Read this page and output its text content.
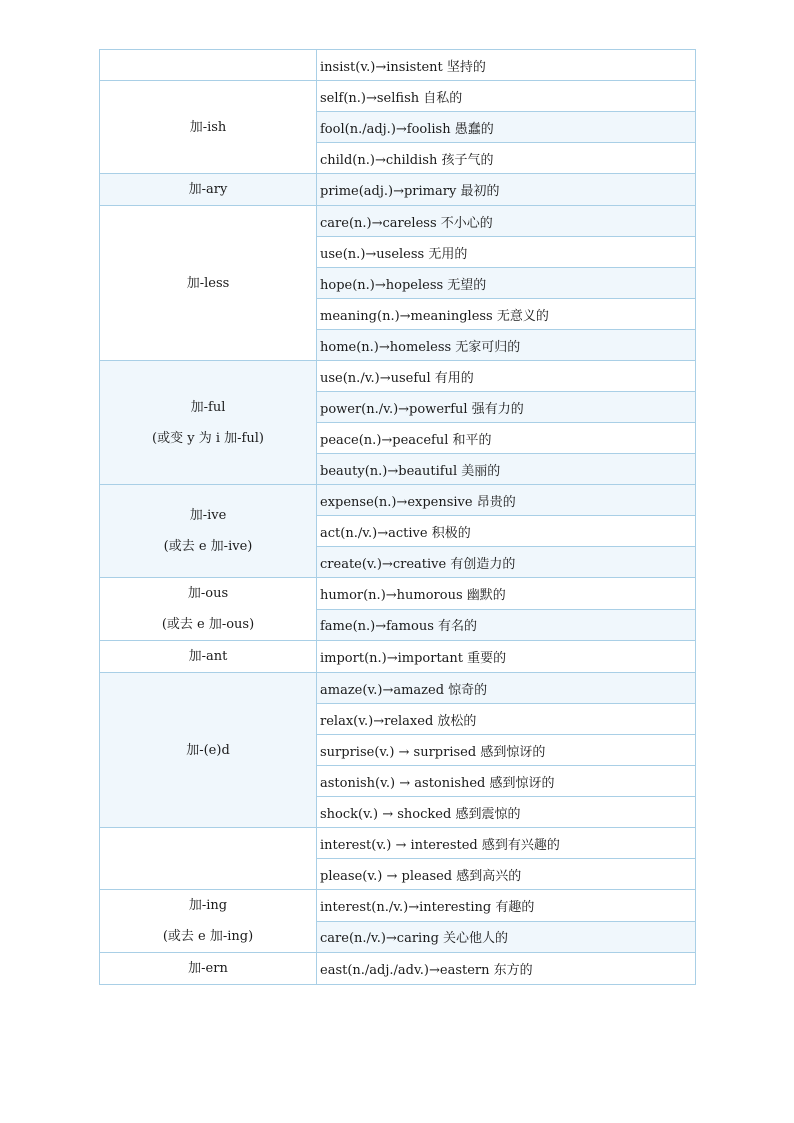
	insist(v.)→insistent 坚持的

加-ish	self(n.)→selfish 自私的
	fool(n./adj.)→foolish 愚蠢的
	child(n.)→childish 孩子气的

加-ary	prime(adj.)→primary 最初的

加-less	care(n.)→careless 不小心的
	use(n.)→useless 无用的
	hope(n.)→hopeless 无望的
	meaning(n.)→meaningless 无意义的
	home(n.)→homeless 无家可归的

加-ful
(或变 y 为 i 加-ful)	use(n./v.)→useful 有用的
	power(n./v.)→powerful 强有力的
	peace(n.)→peaceful 和平的
	beauty(n.)→beautiful 美丽的

加-ive
(或去 e 加-ive)	expense(n.)→expensive 昂贵的
	act(n./v.)→active 积极的
	create(v.)→creative 有创造力的

加-ous
(或去 e 加-ous)	humor(n.)→humorous 幽默的
	fame(n.)→famous 有名的

加-ant	import(n.)→important 重要的

加-(e)d	amaze(v.)→amazed 惊奇的
	relax(v.)→relaxed 放松的
	surprise(v.) → surprised 感到惊讶的
	astonish(v.) → astonished 感到惊讶的
	shock(v.) → shocked 感到震惊的
	interest(v.) → interested 感到有兴趣的
	please(v.) → pleased 感到高兴的

加-ing
(或去 e 加-ing)	interest(n./v.)→interesting 有趣的
	care(n./v.)→caring 关心他人的

加-ern	east(n./adj./adv.)→eastern 东方的
